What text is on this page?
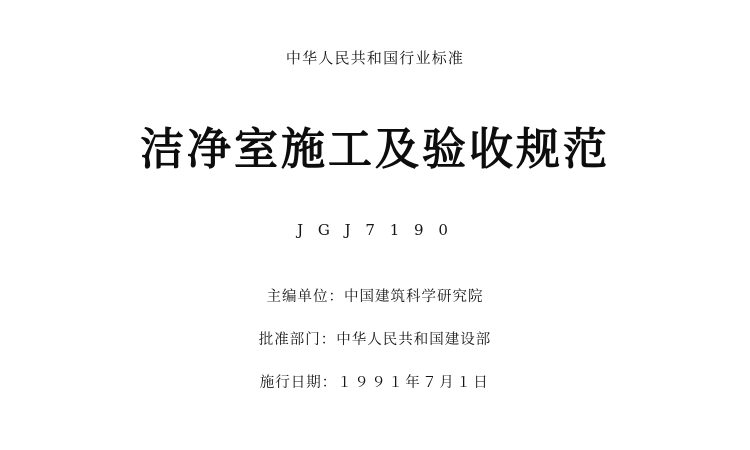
中华人民共和国行业标准
洁净室施工及验收规范
J G J 7 1 9 0
主编单位：中国建筑科学研究院
批准部门：中华人民共和国建设部
施行日期：１９９１年７月１日
